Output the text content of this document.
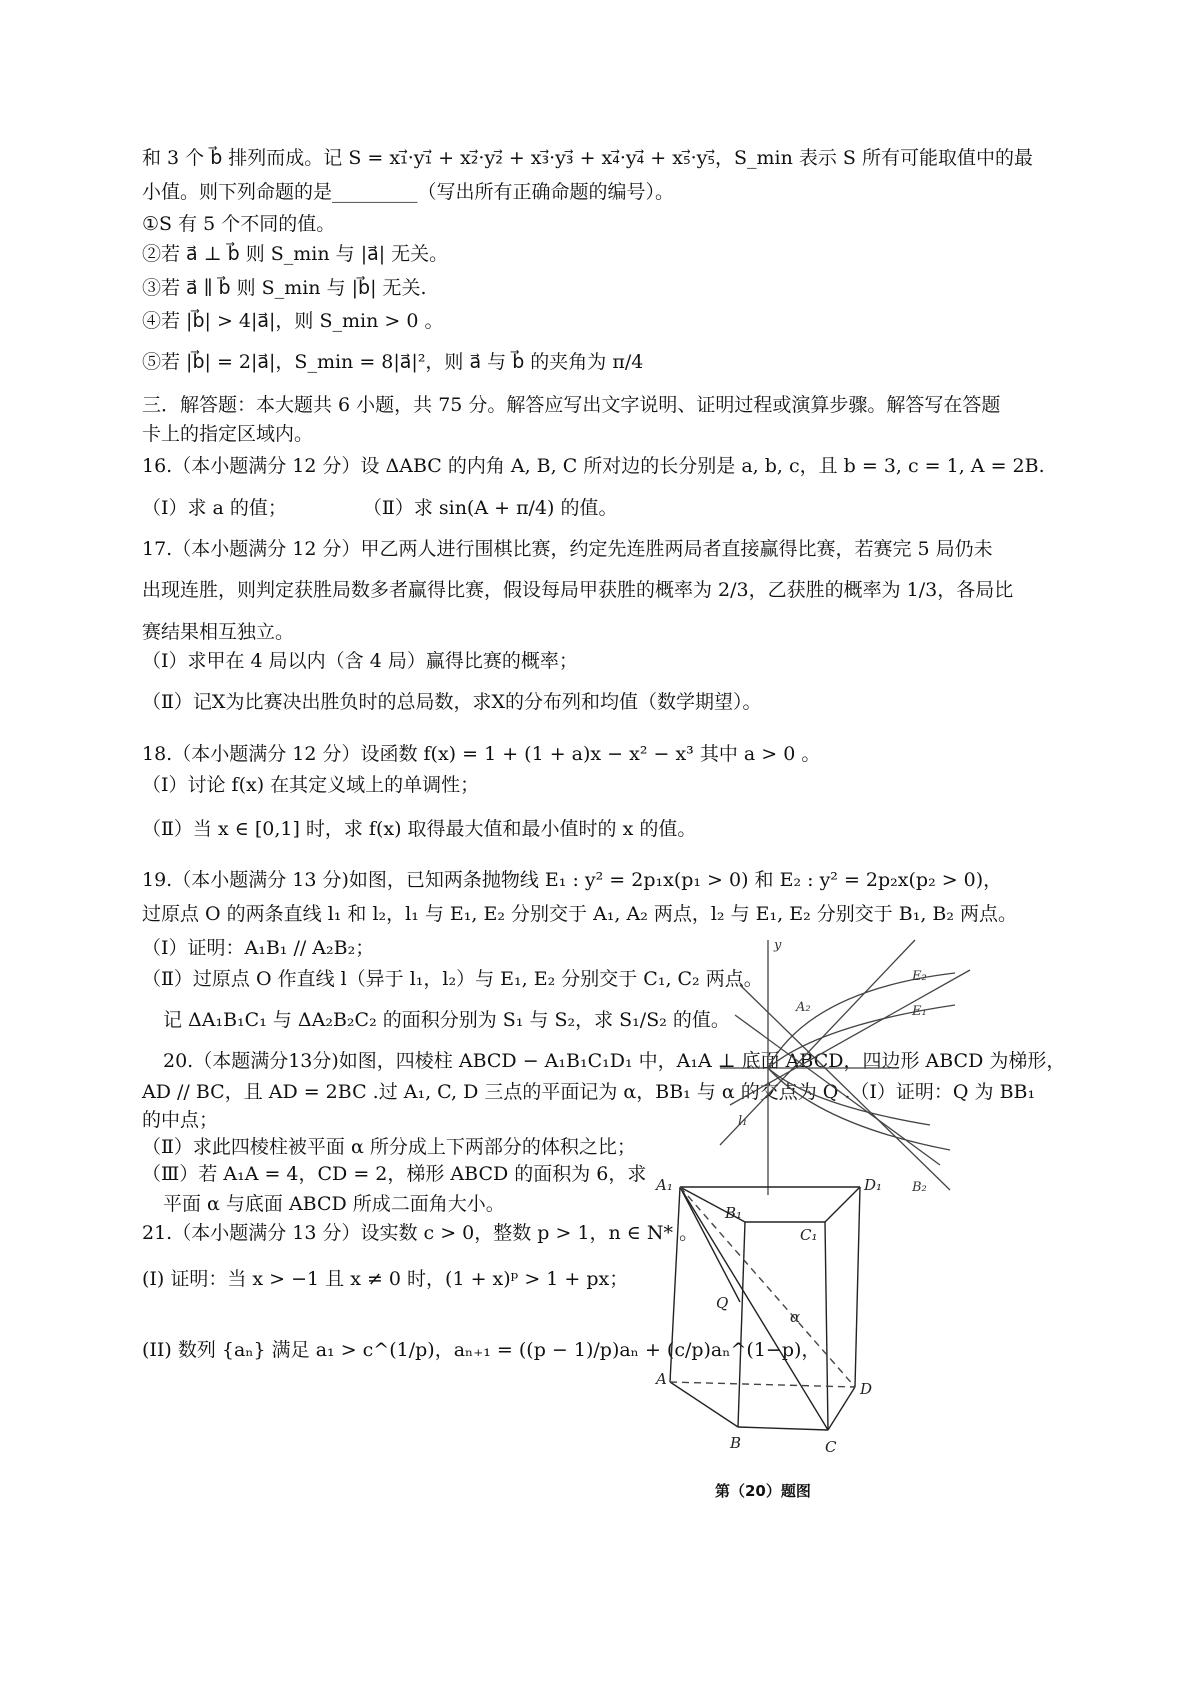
和 3 个 b⃗ 排列而成。记 S = x₁⃗·y₁⃗ + x₂⃗·y₂⃗ + x₃⃗·y₃⃗ + x₄⃗·y₄⃗ + x₅⃗·y₅⃗，S_min 表示 S 所有可能取值中的最
小值。则下列命题的是_________（写出所有正确命题的编号）。
①S 有 5 个不同的值。
②若 a⃗ ⊥ b⃗ 则 S_min 与 |a⃗| 无关。
③若 a⃗ ∥ b⃗ 则 S_min 与 |b⃗| 无关.
④若 |b⃗| > 4|a⃗|，则 S_min > 0 。
⑤若 |b⃗| = 2|a⃗|，S_min = 8|a⃗|²，则 a⃗ 与 b⃗ 的夹角为 π/4
三．解答题：本大题共 6 小题，共 75 分。解答应写出文字说明、证明过程或演算步骤。解答写在答题
卡上的指定区域内。
16.（本小题满分 12 分）设 ΔABC 的内角 A, B, C 所对边的长分别是 a, b, c，且 b = 3, c = 1, A = 2B.
（Ⅰ）求 a 的值；　　　　　（Ⅱ）求 sin(A + π/4) 的值。
17.（本小题满分 12 分）甲乙两人进行围棋比赛，约定先连胜两局者直接赢得比赛，若赛完 5 局仍未
出现连胜，则判定获胜局数多者赢得比赛，假设每局甲获胜的概率为 2/3，乙获胜的概率为 1/3，各局比
赛结果相互独立。
（Ⅰ）求甲在 4 局以内（含 4 局）赢得比赛的概率；
（Ⅱ）记X为比赛决出胜负时的总局数，求X的分布列和均值（数学期望）。
18.（本小题满分 12 分）设函数 f(x) = 1 + (1 + a)x − x² − x³ 其中 a > 0 。
（Ⅰ）讨论 f(x) 在其定义域上的单调性；
（Ⅱ）当 x ∈ [0,1] 时，求 f(x) 取得最大值和最小值时的 x 的值。
19.（本小题满分 13 分)如图，已知两条抛物线 E₁ : y² = 2p₁x(p₁ > 0) 和 E₂ : y² = 2p₂x(p₂ > 0)，
过原点 O 的两条直线 l₁ 和 l₂，l₁ 与 E₁, E₂ 分别交于 A₁, A₂ 两点，l₂ 与 E₁, E₂ 分别交于 B₁, B₂ 两点。
（Ⅰ）证明：A₁B₁ // A₂B₂；
（Ⅱ）过原点 O 作直线 l（异于 l₁，l₂）与 E₁, E₂ 分别交于 C₁, C₂ 两点。
记 ΔA₁B₁C₁ 与 ΔA₂B₂C₂ 的面积分别为 S₁ 与 S₂，求 S₁/S₂ 的值。
20.（本题满分13分)如图，四棱柱 ABCD − A₁B₁C₁D₁ 中，A₁A ⊥ 底面 ABCD，四边形 ABCD 为梯形，
AD // BC，且 AD = 2BC .过 A₁, C, D 三点的平面记为 α，BB₁ 与 α 的交点为 Q .（Ⅰ）证明：Q 为 BB₁
的中点；
（Ⅱ）求此四棱柱被平面 α 所分成上下两部分的体积之比；
（Ⅲ）若 A₁A = 4，CD = 2，梯形 ABCD 的面积为 6，求
平面 α 与底面 ABCD 所成二面角大小。
21.（本小题满分 13 分）设实数 c > 0，整数 p > 1，n ∈ N* 。
(I) 证明：当 x > −1 且 x ≠ 0 时，(1 + x)ᵖ > 1 + px；
(II) 数列 {aₙ} 满足 a₁ > c^(1/p)，aₙ₊₁ = ((p − 1)/p)aₙ + (c/p)aₙ^(1−p)，
y
E₂
E₁
A₂
l₁
B₂
A₁	D₁
B₁
C₁
Q
α
A
D
B	C
第（20）题图
